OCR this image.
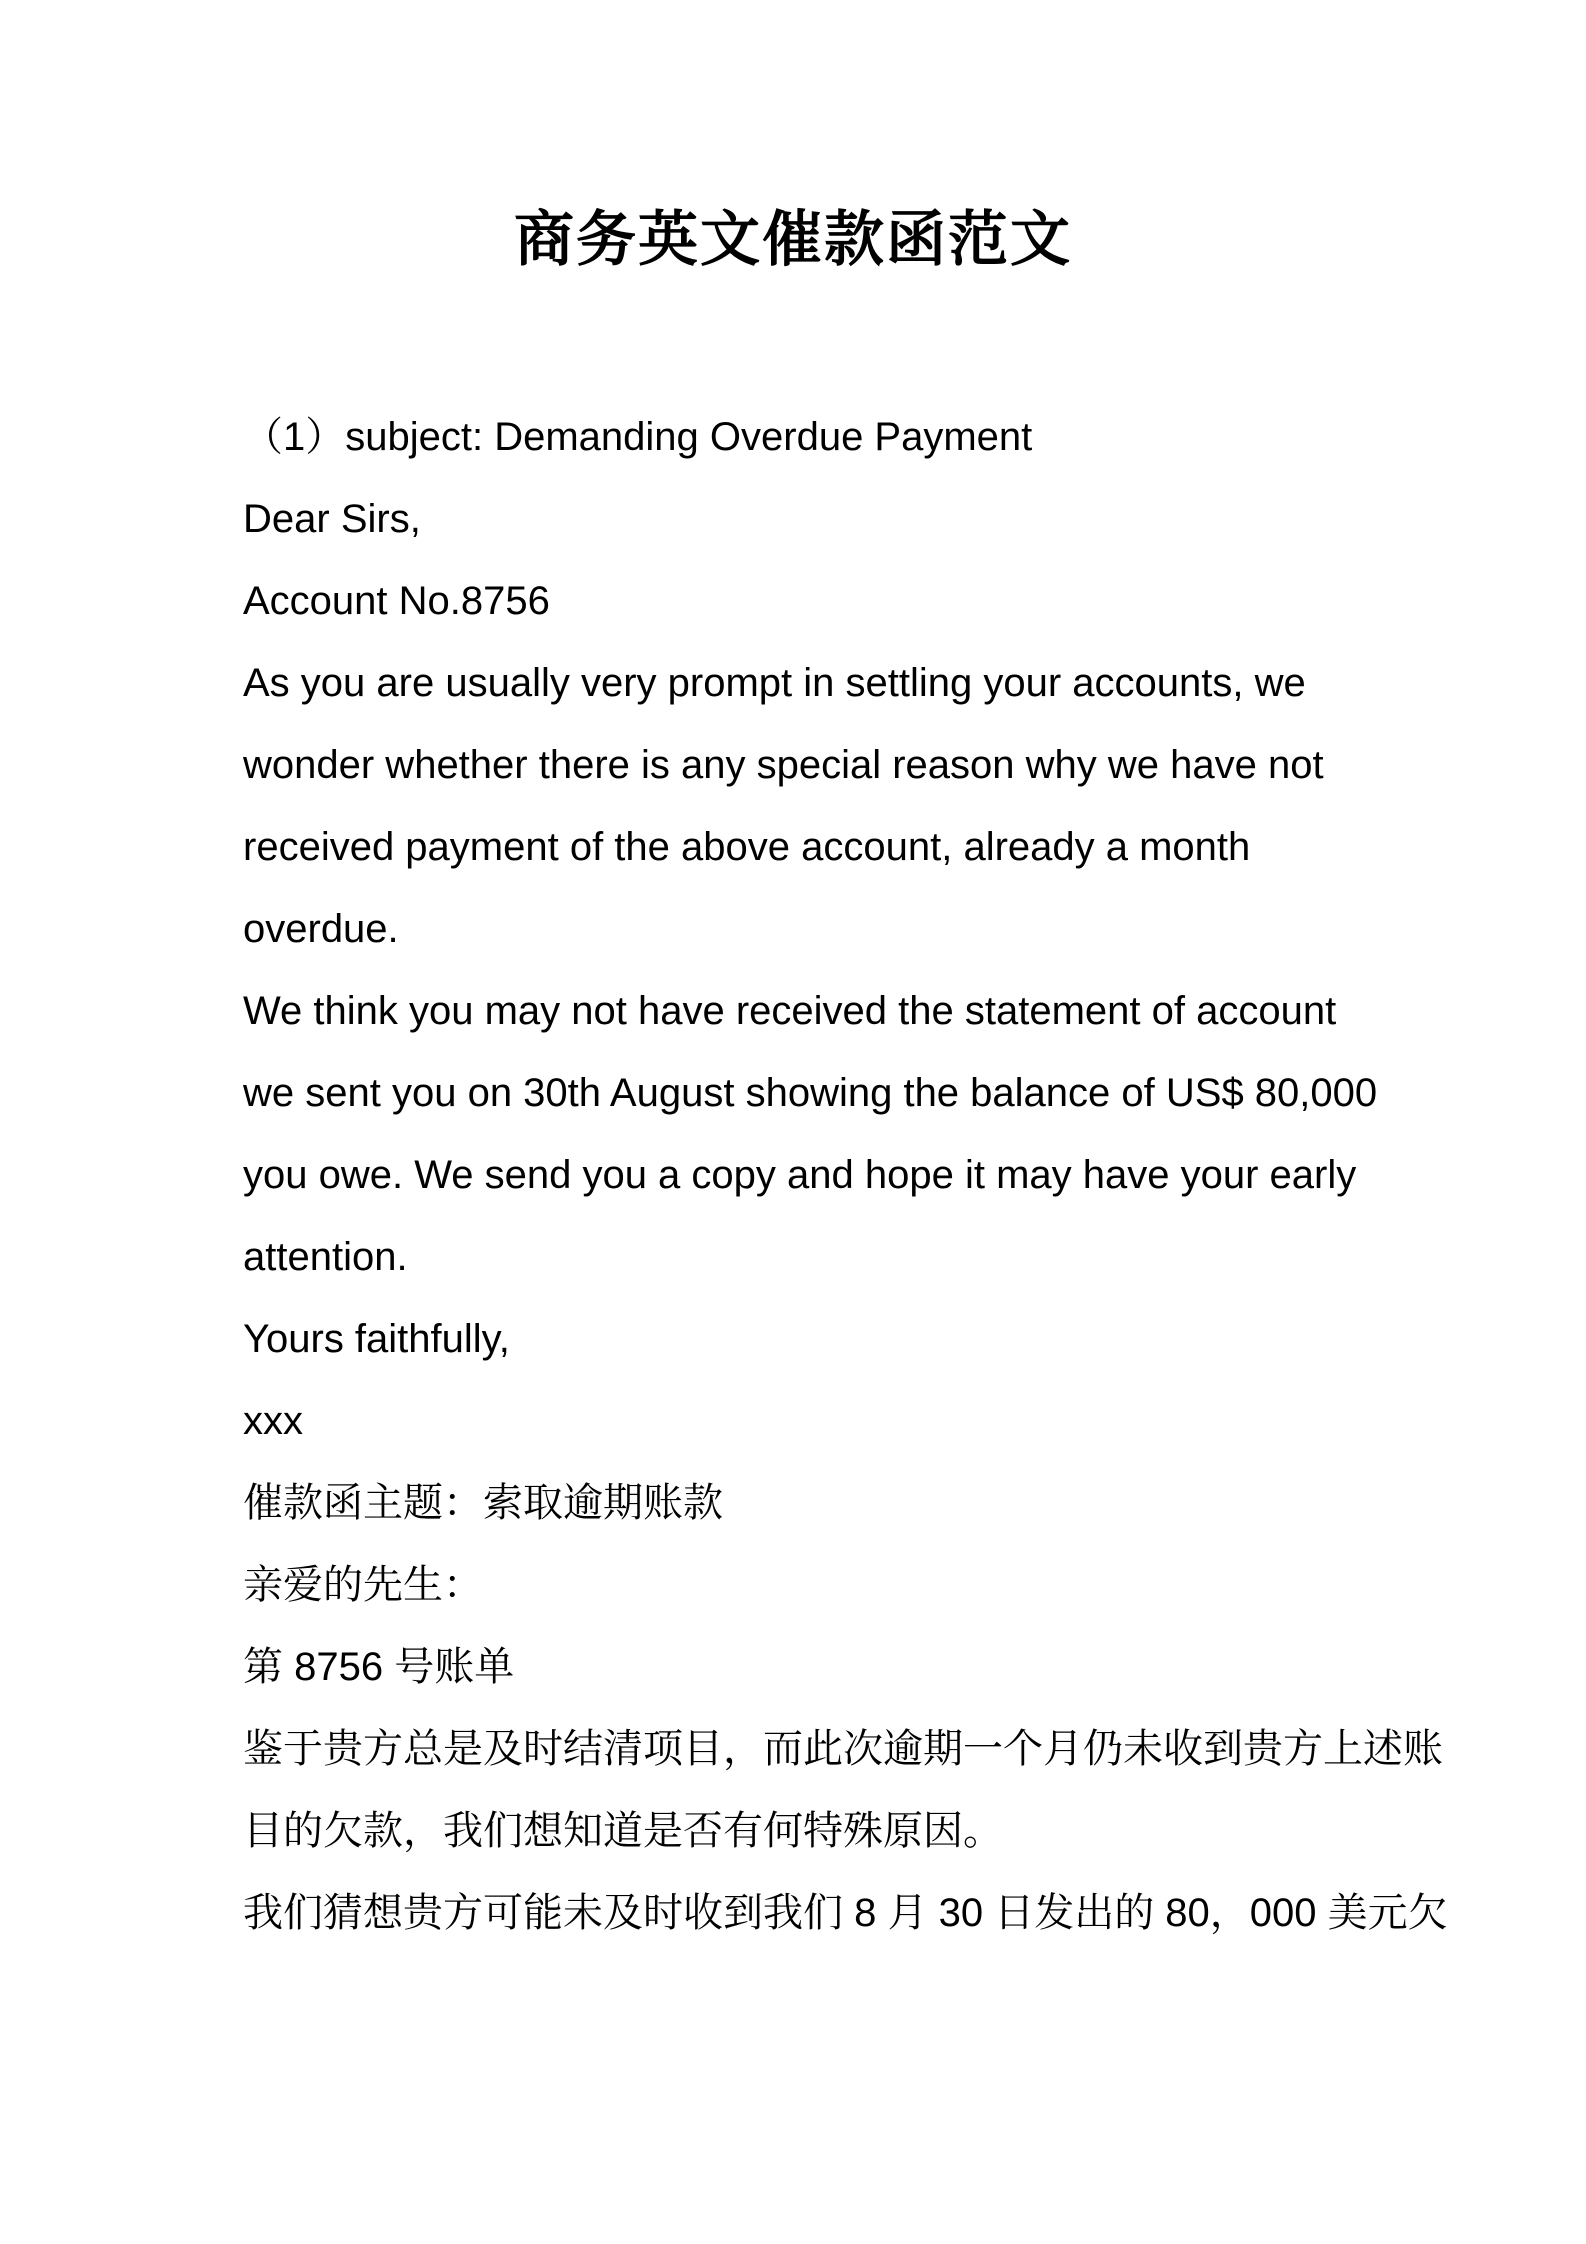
商务英文催款函范文
（1）subject: Demanding Overdue Payment
Dear Sirs,
Account No.8756
As you are usually very prompt in settling your accounts, we
wonder whether there is any special reason why we have not
received payment of the above account, already a month
overdue.
We think you may not have received the statement of account
we sent you on 30th August showing the balance of US$ 80,000
you owe. We send you a copy and hope it may have your early
attention.
Yours faithfully,
xxx
催款函主题：索取逾期账款
亲爱的先生：
第 8756 号账单
鉴于贵方总是及时结清项目，而此次逾期一个月仍未收到贵方上述账
目的欠款，我们想知道是否有何特殊原因。
我们猜想贵方可能未及时收到我们 8 月 30 日发出的 80，000 美元欠
